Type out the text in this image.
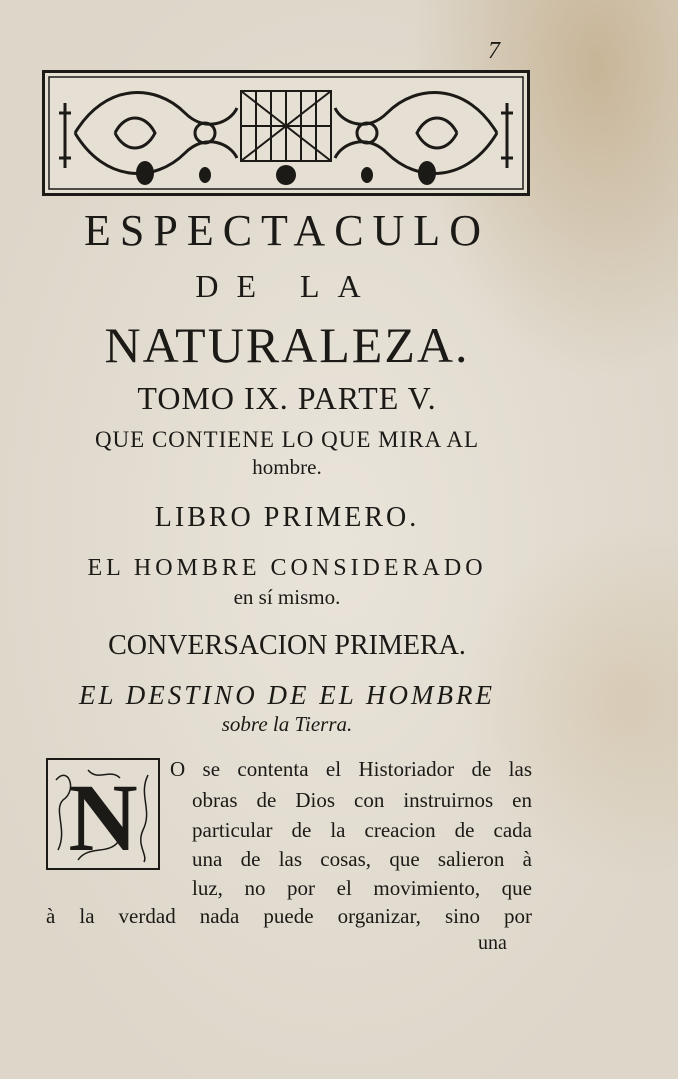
7
ESPECTACULO
DE LA
NATURALEZA.
TOMO IX. PARTE V.
QUE CONTIENE LO QUE MIRA AL
hombre.
LIBRO PRIMERO.
EL HOMBRE CONSIDERADO
en sí mismo.
CONVERSACION PRIMERA.
EL DESTINO DE EL HOMBRE
sobre la Tierra.
N O se contenta el Historiador de las
obras de Dios con instruirnos en
particular de la creacion de cada
una de las cosas, que salieron à
luz, no por el movimiento, que
à la verdad nada puede organizar, sino por
una
